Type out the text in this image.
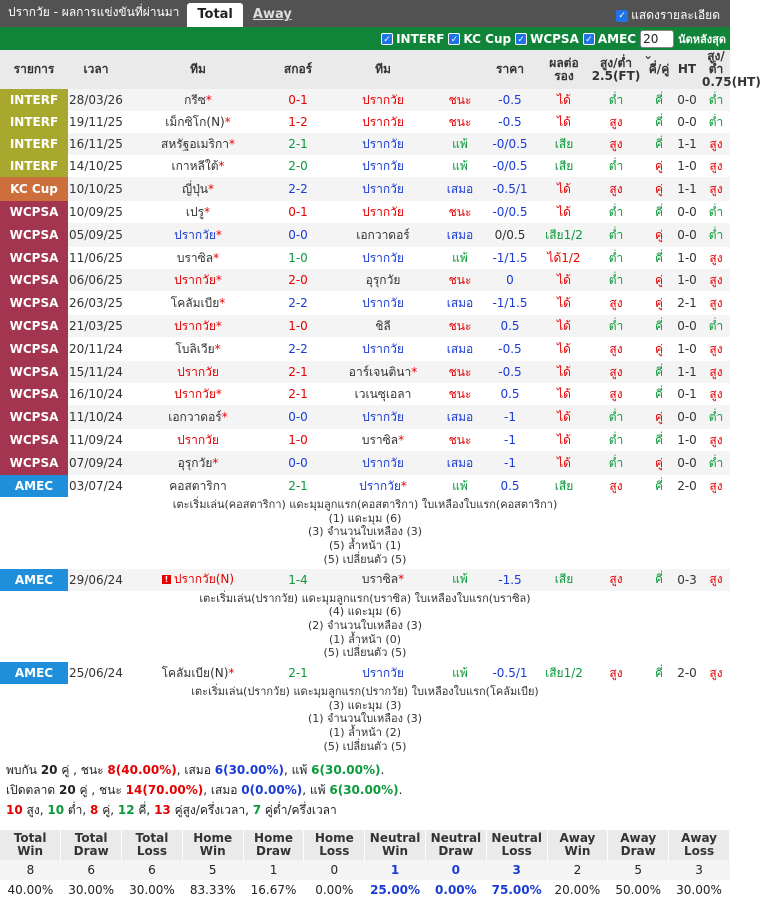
ปรากวัย - ผลการแข่งขันที่ผ่านมา	Total	Away	✓ แสดงรายละเอียด
✓ INTERF ✓ KC Cup ✓ WCPSA ✓ AMEC 20 ⌄
นัดหลังสุด
รายการ	เวลา	ทีม	สกอร์	ทีม		ราคา	ผลต่อรอง	สูง/ต่ำ 2.5(FT)	คี่/คู่	HT	สูง/ต่ำ 0.75(HT)
INTERF	28/03/26	กรีซ*	0-1	ปรากวัย	ชนะ	-0.5	ได้	ต่ำ	คี่	0-0	ต่ำ
INTERF	19/11/25	เม็กซิโก(N)*	1-2	ปรากวัย	ชนะ	-0.5	ได้	สูง	คี่	0-0	ต่ำ
INTERF	16/11/25	สหรัฐอเมริกา*	2-1	ปรากวัย	แพ้	-0/0.5	เสีย	สูง	คี่	1-1	สูง
INTERF	14/10/25	เกาหลีใต้*	2-0	ปรากวัย	แพ้	-0/0.5	เสีย	ต่ำ	คู่	1-0	สูง
KC Cup	10/10/25	ญี่ปุ่น*	2-2	ปรากวัย	เสมอ	-0.5/1	ได้	สูง	คู่	1-1	สูง
WCPSA	10/09/25	เปรู*	0-1	ปรากวัย	ชนะ	-0/0.5	ได้	ต่ำ	คี่	0-0	ต่ำ
WCPSA	05/09/25	ปรากวัย*	0-0	เอกวาดอร์	เสมอ	0/0.5	เสีย1/2	ต่ำ	คู่	0-0	ต่ำ
WCPSA	11/06/25	บราซิล*	1-0	ปรากวัย	แพ้	-1/1.5	ได้1/2	ต่ำ	คี่	1-0	สูง
WCPSA	06/06/25	ปรากวัย*	2-0	อุรุกวัย	ชนะ	0	ได้	ต่ำ	คู่	1-0	สูง
WCPSA	26/03/25	โคลัมเบีย*	2-2	ปรากวัย	เสมอ	-1/1.5	ได้	สูง	คู่	2-1	สูง
WCPSA	21/03/25	ปรากวัย*	1-0	ชิลี	ชนะ	0.5	ได้	ต่ำ	คี่	0-0	ต่ำ
WCPSA	20/11/24	โบลิเวีย*	2-2	ปรากวัย	เสมอ	-0.5	ได้	สูง	คู่	1-0	สูง
WCPSA	15/11/24	ปรากวัย	2-1	อาร์เจนตินา*	ชนะ	-0.5	ได้	สูง	คี่	1-1	สูง
WCPSA	16/10/24	ปรากวัย*	2-1	เวเนซุเอลา	ชนะ	0.5	ได้	สูง	คี่	0-1	สูง
WCPSA	11/10/24	เอกวาดอร์*	0-0	ปรากวัย	เสมอ	-1	ได้	ต่ำ	คู่	0-0	ต่ำ
WCPSA	11/09/24	ปรากวัย	1-0	บราซิล*	ชนะ	-1	ได้	ต่ำ	คี่	1-0	สูง
WCPSA	07/09/24	อุรุกวัย*	0-0	ปรากวัย	เสมอ	-1	ได้	ต่ำ	คู่	0-0	ต่ำ
AMEC	03/07/24	คอสตาริกา	2-1	ปรากวัย*	แพ้	0.5	เสีย	สูง	คี่	2-0	สูง

เตะเริ่มเล่น(คอสตาริกา) แดะมุมลูกแรก(คอสตาริกา) ใบเหลืองใบแรก(คอสตาริกา)
(1) แดะมุม (6)
(3) จำนวนใบเหลือง (3)
(5) ล้ำหน้า (1)
(5) เปลี่ยนตัว (5)											

AMEC	29/06/24	! ปรากวัย(N)	1-4	บราซิล*	แพ้	-1.5	เสีย	สูง	คี่	0-3	สูง

เตะเริ่มเล่น(ปรากวัย) แดะมุมลูกแรก(บราซิล) ใบเหลืองใบแรก(บราซิล)
(4) แดะมุม (6)
(2) จำนวนใบเหลือง (3)
(1) ล้ำหน้า (0)
(5) เปลี่ยนตัว (5)											

AMEC	25/06/24	โคลัมเบีย(N)*	2-1	ปรากวัย	แพ้	-0.5/1	เสีย1/2	สูง	คี่	2-0	สูง

เตะเริ่มเล่น(ปรากวัย) แดะมุมลูกแรก(ปรากวัย) ใบเหลืองใบแรก(โคลัมเบีย)
(3) แดะมุม (3)
(1) จำนวนใบเหลือง (3)
(1) ล้ำหน้า (2)
(5) เปลี่ยนตัว (5)											
พบกัน 20 คู่ , ชนะ 8(40.00%), เสมอ 6(30.00%), แพ้ 6(30.00%).
เปิดตลาด 20 คู่ , ชนะ 14(70.00%), เสมอ 0(0.00%), แพ้ 6(30.00%).
10 สูง, 10 ต่ำ, 8 คู่, 12 คี่, 13 คู่สูง/ครึ่งเวลา, 7 คู่ต่ำ/ครึ่งเวลา
Total Win	Total Draw	Total Loss	Home Win	Home Draw	Home Loss	Neutral Win	Neutral Draw	Neutral Loss	Away Win	Away Draw	Away Loss
8	6	6	5	1	0	1	0	3	2	5	3
40.00%	30.00%	30.00%	83.33%	16.67%	0.00%	25.00%	0.00%	75.00%	20.00%	50.00%	30.00%
